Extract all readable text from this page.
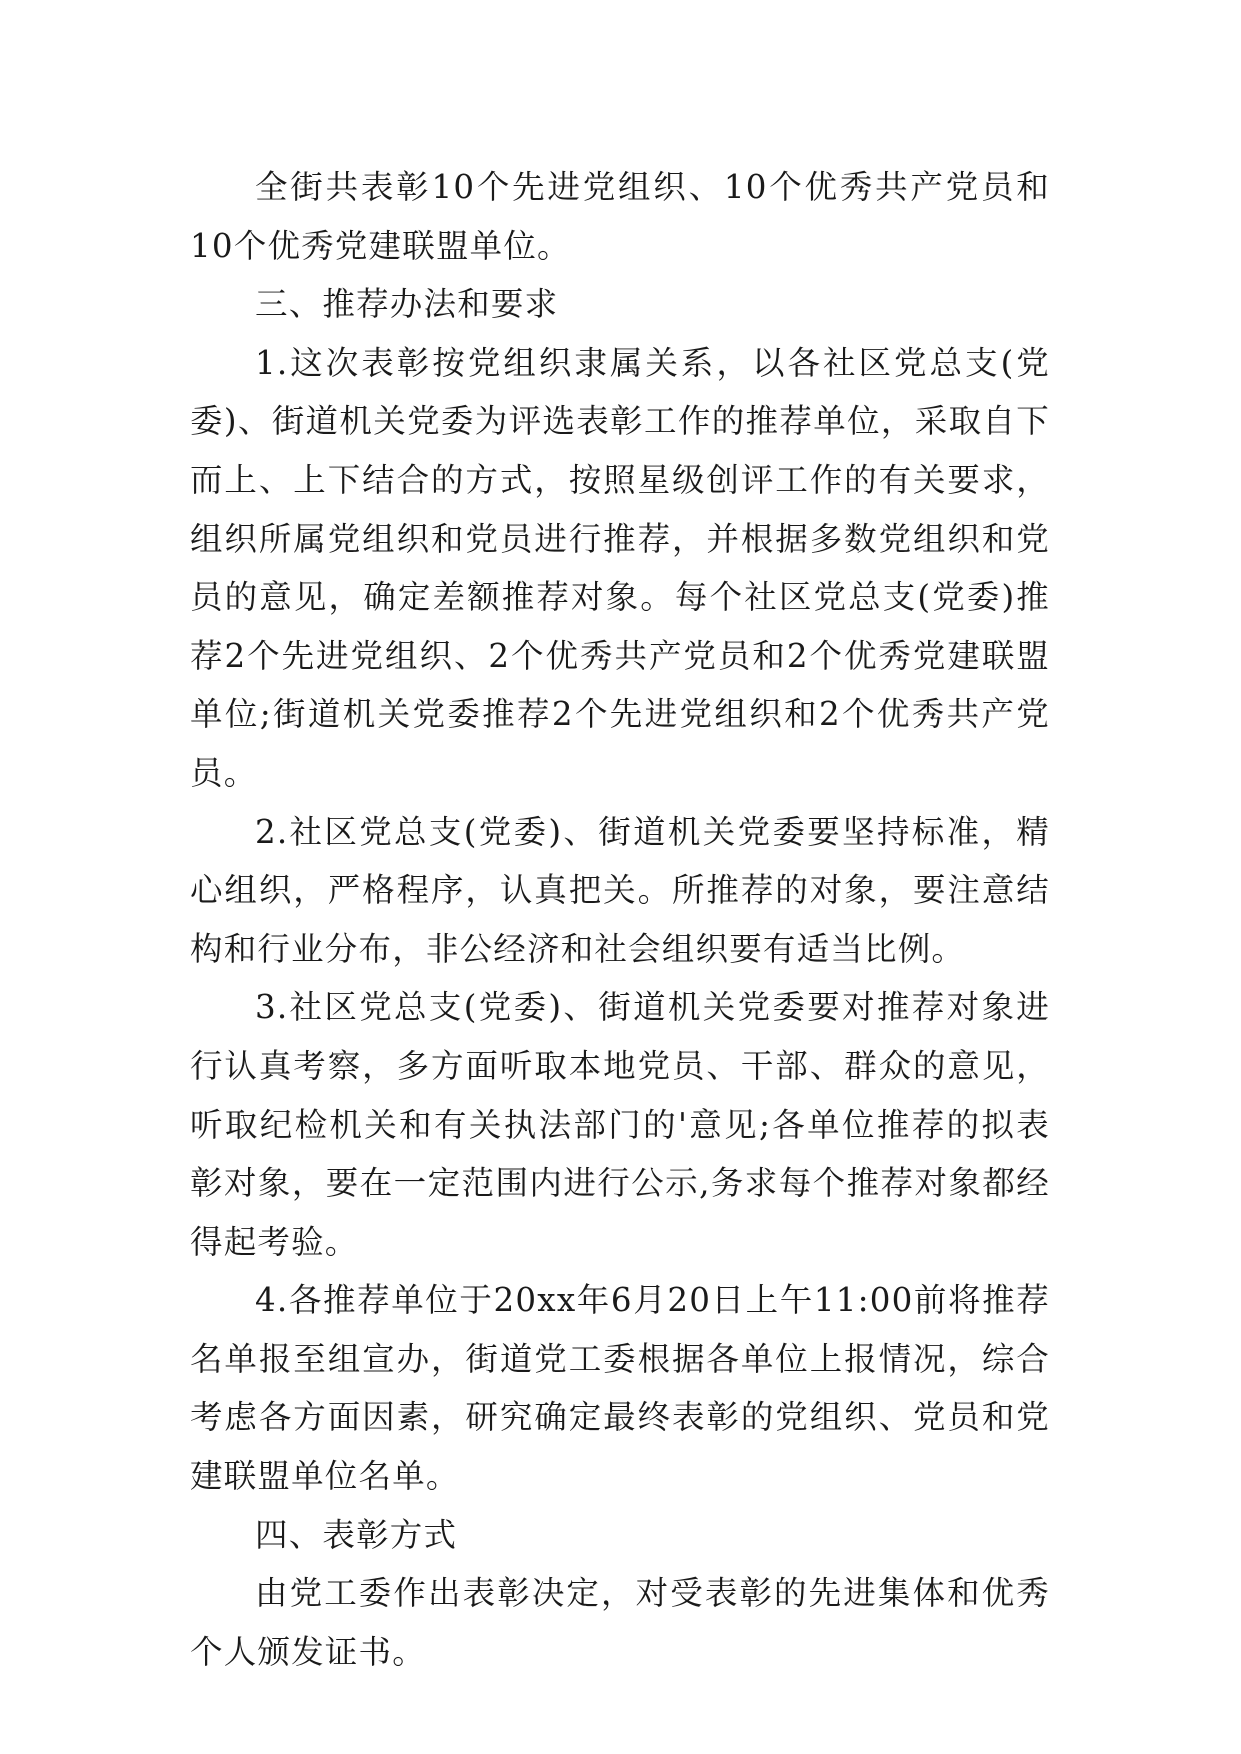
全街共表彰10个先进党组织、10个优秀共产党员和10个优秀党建联盟单位。

三、推荐办法和要求

1.这次表彰按党组织隶属关系，以各社区党总支(党委)、街道机关党委为评选表彰工作的推荐单位，采取自下而上、上下结合的方式，按照星级创评工作的有关要求，组织所属党组织和党员进行推荐，并根据多数党组织和党员的意见，确定差额推荐对象。每个社区党总支(党委)推荐2个先进党组织、2个优秀共产党员和2个优秀党建联盟单位;街道机关党委推荐2个先进党组织和2个优秀共产党员。

2.社区党总支(党委)、街道机关党委要坚持标准，精心组织，严格程序，认真把关。所推荐的对象，要注意结构和行业分布，非公经济和社会组织要有适当比例。

3.社区党总支(党委)、街道机关党委要对推荐对象进行认真考察，多方面听取本地党员、干部、群众的意见，听取纪检机关和有关执法部门的'意见;各单位推荐的拟表彰对象，要在一定范围内进行公示,务求每个推荐对象都经得起考验。

4.各推荐单位于20xx年6月20日上午11:00前将推荐名单报至组宣办，街道党工委根据各单位上报情况，综合考虑各方面因素，研究确定最终表彰的党组织、党员和党建联盟单位名单。

四、表彰方式

由党工委作出表彰决定，对受表彰的先进集体和优秀个人颁发证书。
